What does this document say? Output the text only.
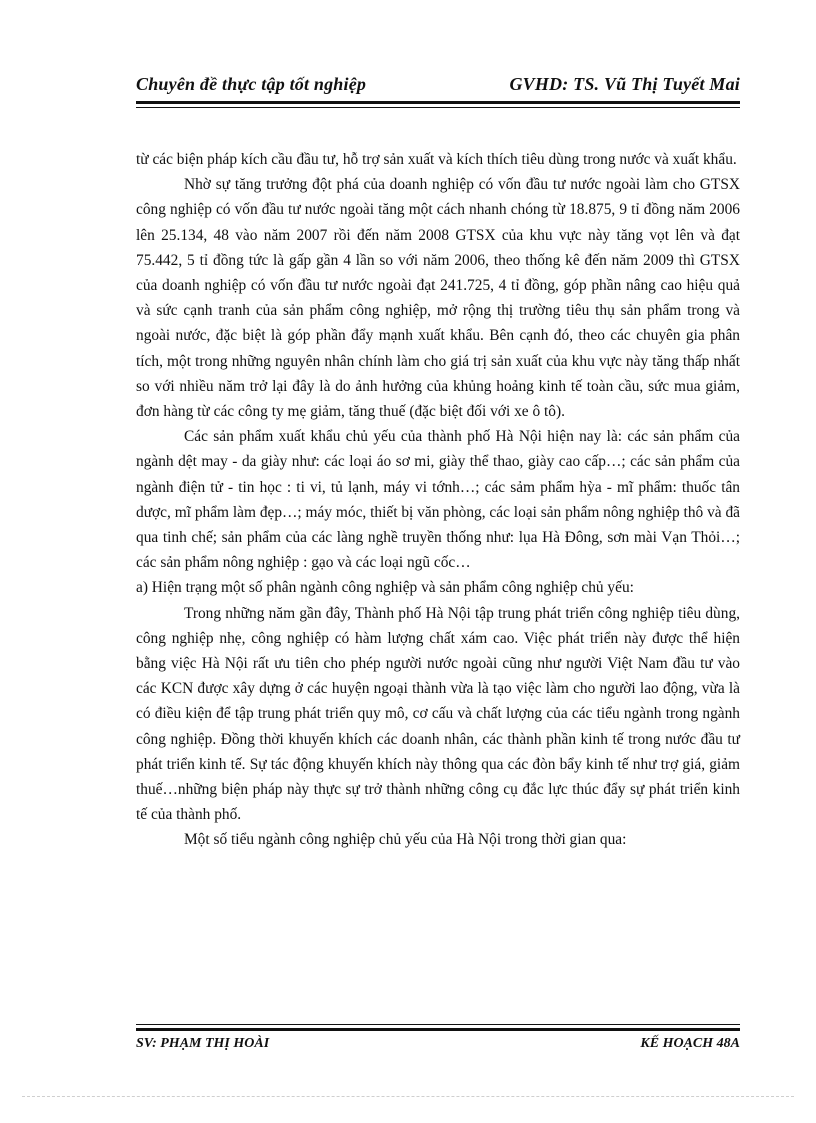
Chuyên đề thực tập tốt nghiệp	GVHD: TS. Vũ Thị Tuyết Mai

từ các biện pháp kích cầu đầu tư, hỗ trợ sản xuất và kích thích tiêu dùng trong nước và xuất khẩu.

Nhờ sự tăng trưởng đột phá của doanh nghiệp có vốn đầu tư nước ngoài làm cho GTSX công nghiệp có vốn đầu tư nước ngoài tăng một cách nhanh chóng từ 18.875, 9 tỉ đồng năm 2006 lên 25.134, 48 vào năm 2007 rồi đến năm 2008 GTSX của khu vực này tăng vọt lên và đạt 75.442, 5 tỉ đồng tức là gấp gần 4 lần so với năm 2006, theo thống kê đến năm 2009 thì GTSX của doanh nghiệp có vốn đầu tư nước ngoài đạt 241.725, 4 tỉ đồng, góp phần nâng cao hiệu quả và sức cạnh tranh của sản phẩm công nghiệp, mở rộng thị trường tiêu thụ sản phẩm trong và ngoài nước, đặc biệt là góp phần đẩy mạnh xuất khẩu. Bên cạnh đó, theo các chuyên gia phân tích, một trong những nguyên nhân chính làm cho giá trị sản xuất của khu vực này tăng thấp nhất so với nhiều năm trở lại đây là do ảnh hưởng của khủng hoảng kinh tế toàn cầu, sức mua giảm, đơn hàng từ các công ty mẹ giảm, tăng thuế (đặc biệt đối với xe ô tô).

Các sản phẩm xuất khẩu chủ yếu của thành phố Hà Nội hiện nay là: các sản phẩm của ngành dệt may - da giày như: các loại áo sơ mi, giày thể thao, giày cao cấp…; các sản phẩm của ngành điện tử - tin học : ti vi, tủ lạnh, máy vi tớnh…; các sảm phẩm hỳa - mĩ phẩm: thuốc tân dược, mĩ phẩm làm đẹp…; máy móc, thiết bị văn phòng, các loại sản phẩm nông nghiệp thô và đã qua tinh chế; sản phẩm của các làng nghề truyền thống như: lụa Hà Đông, sơn mài Vạn Thỏi…; các sản phẩm nông nghiệp : gạo và các loại ngũ cốc…

a) Hiện trạng một số phân ngành công nghiệp và sản phẩm công nghiệp chủ yếu:

Trong những năm gần đây, Thành phố Hà Nội tập trung phát triển công nghiệp tiêu dùng, công nghiệp nhẹ, công nghiệp có hàm lượng chất xám cao. Việc phát triển này được thể hiện bằng việc Hà Nội rất ưu tiên cho phép người nước ngoài cũng như người Việt Nam đầu tư vào các KCN được xây dựng ở các huyện ngoại thành vừa là tạo việc làm cho người lao động, vừa là có điều kiện để tập trung phát triển quy mô, cơ cấu và chất lượng của các tiểu ngành trong ngành công nghiệp. Đồng thời khuyến khích các doanh nhân, các thành phần kinh tế trong nước đầu tư phát triển kinh tế. Sự tác động khuyến khích này thông qua các đòn bẩy kinh tế như trợ giá, giảm thuế…những biện pháp này thực sự trở thành những công cụ đắc lực thúc đẩy sự phát triển kinh tế của thành phố.

Một số tiểu ngành công nghiệp chủ yếu của Hà Nội trong thời gian qua:

SV: PHẠM THỊ HOÀI	KẾ HOẠCH 48A
